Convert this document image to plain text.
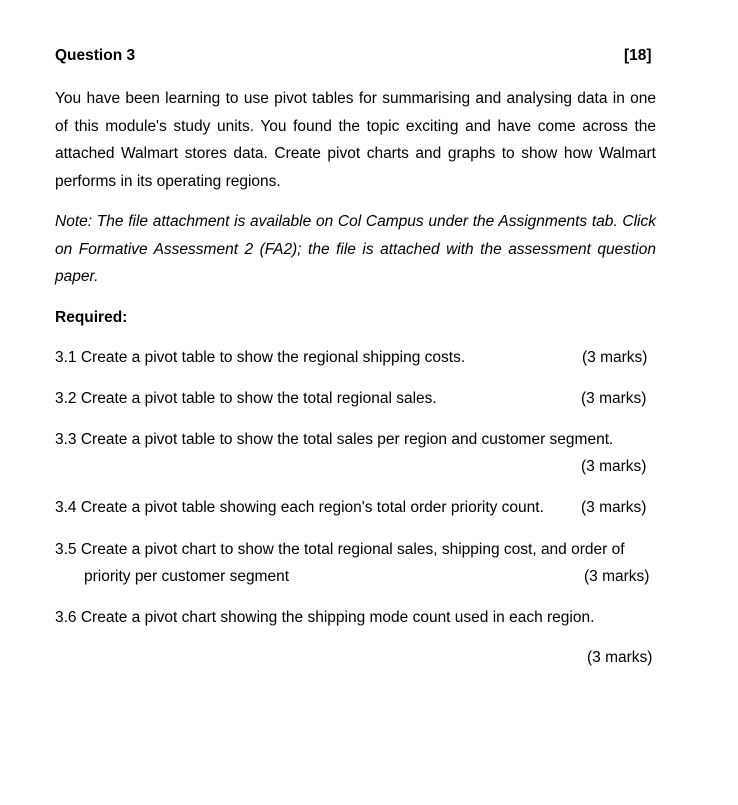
Question 3	[18]
You have been learning to use pivot tables for summarising and analysing data in one of this module's study units. You found the topic exciting and have come across the attached Walmart stores data. Create pivot charts and graphs to show how Walmart performs in its operating regions.
Note: The file attachment is available on Col Campus under the Assignments tab. Click on Formative Assessment 2 (FA2); the file is attached with the assessment question paper.
Required:
3.1 Create a pivot table to show the regional shipping costs.	(3 marks)
3.2 Create a pivot table to show the total regional sales.	(3 marks)
3.3 Create a pivot table to show the total sales per region and customer segment.
(3 marks)
3.4 Create a pivot table showing each region's total order priority count. (3 marks)
3.5 Create a pivot chart to show the total regional sales, shipping cost, and order of
priority per customer segment	(3 marks)
3.6 Create a pivot chart showing the shipping mode count used in each region.
(3 marks)
